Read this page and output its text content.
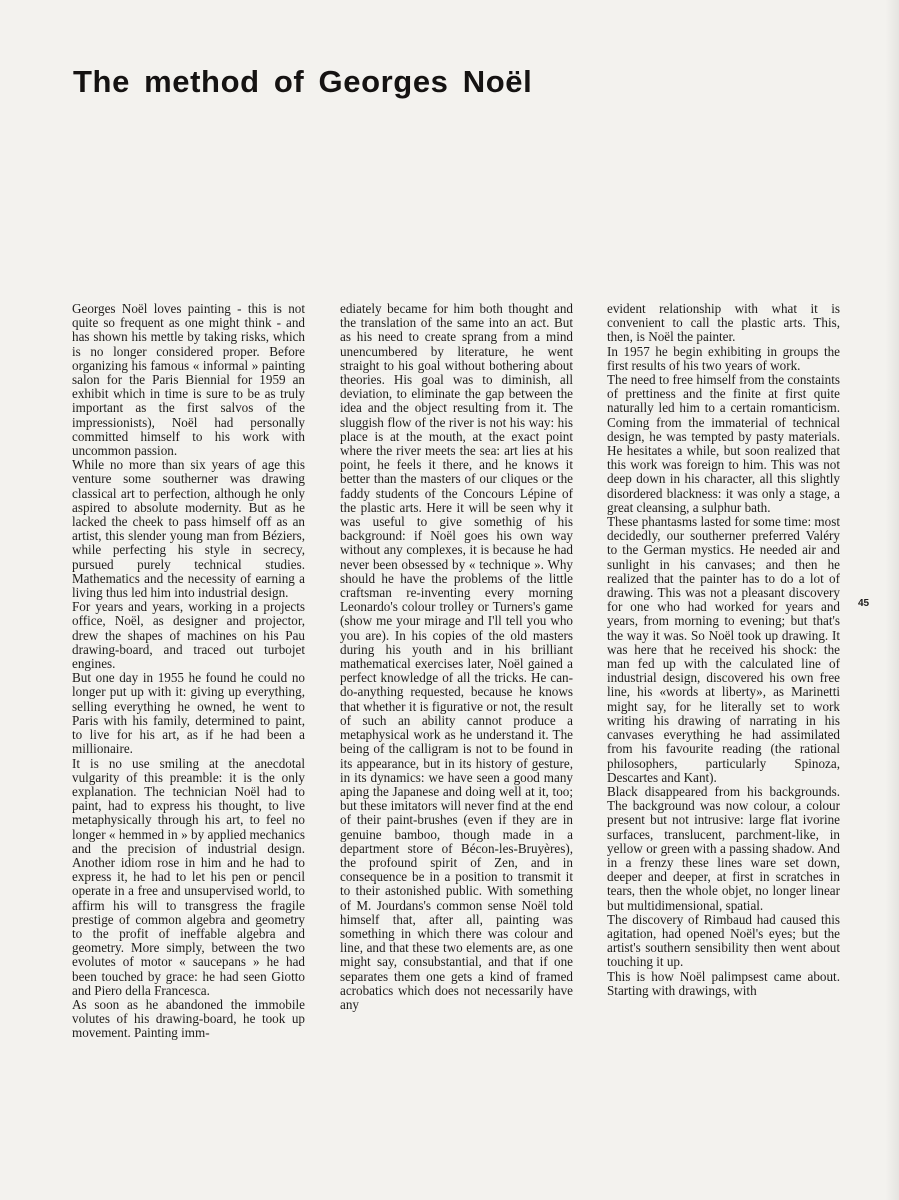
The method of Georges Noël

Georges Noël loves painting - this is not quite so frequent as one might think - and has shown his mettle by taking risks, which is no longer considered proper. Before organizing his famous « informal » painting salon for the Paris Biennial for 1959 an exhibit which in time is sure to be as truly important as the first salvos of the impressionists), Noël had personally committed himself to his work with uncommon passion.

While no more than six years of age this venture some southerner was drawing classical art to perfection, although he only aspired to absolute modernity. But as he lacked the cheek to pass himself off as an artist, this slender young man from Béziers, while perfecting his style in secrecy, pursued purely technical studies. Mathematics and the necessity of earning a living thus led him into industrial design.

For years and years, working in a projects office, Noël, as designer and projector, drew the shapes of machines on his Pau drawing-board, and traced out turbojet engines.

But one day in 1955 he found he could no longer put up with it: giving up everything, selling everything he owned, he went to Paris with his family, determined to paint, to live for his art, as if he had been a millionaire.

It is no use smiling at the anecdotal vulgarity of this preamble: it is the only explanation. The technician Noël had to paint, had to express his thought, to live metaphysically through his art, to feel no longer « hemmed in » by applied mechanics and the precision of industrial design. Another idiom rose in him and he had to express it, he had to let his pen or pencil operate in a free and unsupervised world, to affirm his will to transgress the fragile prestige of common algebra and geometry to the profit of ineffable algebra and geometry. More simply, between the two evolutes of motor « saucepans » he had been touched by grace: he had seen Giotto and Piero della Francesca.

As soon as he abandoned the immobile volutes of his drawing-board, he took up movement. Painting imm-

ediately became for him both thought and the translation of the same into an act. But as his need to create sprang from a mind unencumbered by literature, he went straight to his goal without bothering about theories. His goal was to diminish, all deviation, to eliminate the gap between the idea and the object resulting from it. The sluggish flow of the river is not his way: his place is at the mouth, at the exact point where the river meets the sea: art lies at his point, he feels it there, and he knows it better than the masters of our cliques or the faddy students of the Concours Lépine of the plastic arts. Here it will be seen why it was useful to give somethig of his background: if Noël goes his own way without any complexes, it is because he had never been obsessed by « technique ». Why should he have the problems of the little craftsman re-inventing every morning Leonardo's colour trolley or Turners's game (show me your mirage and I'll tell you who you are). In his copies of the old masters during his youth and in his brilliant mathematical exercises later, Noël gained a perfect knowledge of all the tricks. He can-do-anything requested, because he knows that whether it is figurative or not, the result of such an ability cannot produce a metaphysical work as he understand it. The being of the calligram is not to be found in its appearance, but in its history of gesture, in its dynamics: we have seen a good many aping the Japanese and doing well at it, too; but these imitators will never find at the end of their paint-brushes (even if they are in genuine bamboo, though made in a department store of Bécon-les-Bruyères), the profound spirit of Zen, and in consequence be in a position to transmit it to their astonished public. With something of M. Jourdans's common sense Noël told himself that, after all, painting was something in which there was colour and line, and that these two elements are, as one might say, consubstantial, and that if one separates them one gets a kind of framed acrobatics which does not necessarily have any

evident relationship with what it is convenient to call the plastic arts. This, then, is Noël the painter.

In 1957 he begin exhibiting in groups the first results of his two years of work.

The need to free himself from the constaints of prettiness and the finite at first quite naturally led him to a certain romanticism. Coming from the immaterial of technical design, he was tempted by pasty materials. He hesitates a while, but soon realized that this work was foreign to him. This was not deep down in his character, all this slightly disordered blackness: it was only a stage, a great cleansing, a sulphur bath.

These phantasms lasted for some time: most decidedly, our southerner preferred Valéry to the German mystics. He needed air and sunlight in his canvases; and then he realized that the painter has to do a lot of drawing. This was not a pleasant discovery for one who had worked for years and years, from morning to evening; but that's the way it was. So Noël took up drawing. It was here that he received his shock: the man fed up with the calculated line of industrial design, discovered his own free line, his «words at liberty», as Marinetti might say, for he literally set to work writing his drawing of narrating in his canvases everything he had assimilated from his favourite reading (the rational philosophers, particularly Spinoza, Descartes and Kant).

Black disappeared from his backgrounds. The background was now colour, a colour present but not intrusive: large flat ivorine surfaces, translucent, parchment-like, in yellow or green with a passing shadow. And in a frenzy these lines ware set down, deeper and deeper, at first in scratches in tears, then the whole objet, no longer linear but multidimensional, spatial.

The discovery of Rimbaud had caused this agitation, had opened Noël's eyes; but the artist's southern sensibility then went about touching it up.

This is how Noël palimpsest came about. Starting with drawings, with

45
